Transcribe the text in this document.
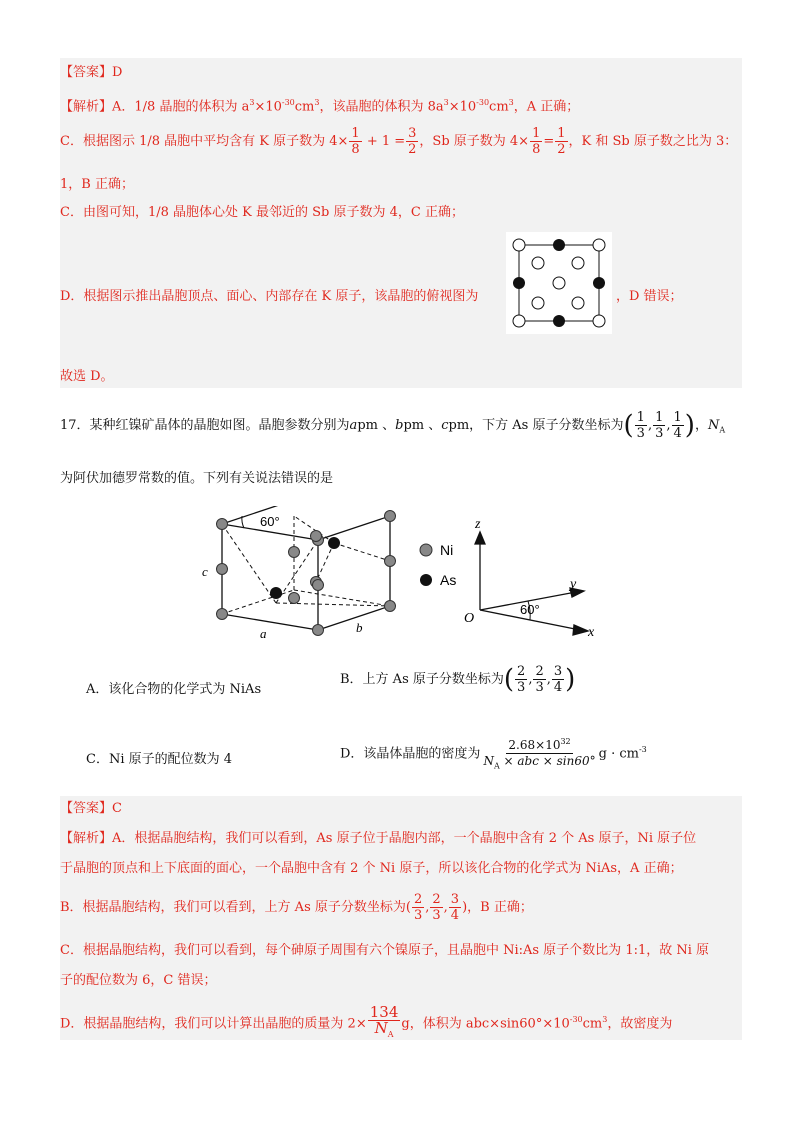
【答案】D
【解析】A．1/8 晶胞的体积为 $a^3\times 10^{-30}cm^3$，该晶胞的体积为 $8a^3\times 10^{-30}cm^3$，A 正确；
C．根据图示 1/8 晶胞中平均含有 K 原子数为 $4\times \frac{1}{8} + 1 = \frac{3}{2}$ ，Sb 原子数为 $4\times \frac{1}{8} = \frac{1}{2}$ ，K 和 Sb 原子数之比为 3：
1，B 正确；
C．由图可知，1/8 晶胞体心处 K 最邻近的 Sb 原子数为 4，C 正确；
D．根据图示推出晶胞顶点、面心、内部存在 K 原子，该晶胞的俯视图为	，D 错误；
故选 D。
17．某种红镍矿晶体的晶胞如图。晶胞参数分别为apm 、bpm 、cpm，下方 As 原子分数坐标为( $\frac{1}{3}$ , $\frac{1}{3}$ , $\frac{1}{4}$ )，$N_A$
为阿伏加德罗常数的值。下列有关说法错误的是
60°
c
a	b
Ni
As
60°
z
y
x
O
A．该化合物的化学式为 NiAs
B．上方 As 原子分数坐标为( $\frac{2}{3}$ , $\frac{2}{3}$ , $\frac{3}{4}$ )
C．Ni 原子的配位数为 4	D．该晶体晶胞的密度为 $\frac{2.68\times 10^{32}}{N_A \times abc \times \sin 60^\circ}$ $g \cdot cm^{-3}$
【答案】C
【解析】A．根据晶胞结构，我们可以看到，As 原子位于晶胞内部，一个晶胞中含有 2 个 As 原子，Ni 原子位
于晶胞的顶点和上下底面的面心，一个晶胞中含有 2 个 Ni 原子，所以该化合物的化学式为 NiAs，A 正确；
B．根据晶胞结构，我们可以看到，上方 As 原子分数坐标为( $\frac{2}{3}$ , $\frac{2}{3}$ , $\frac{3}{4}$ )，B 正确；
C．根据晶胞结构，我们可以看到，每个砷原子周围有六个镍原子，且晶胞中 Ni:As 原子个数比为 1:1，故 Ni 原
子的配位数为 6，C 错误；
D．根据晶胞结构，我们可以计算出晶胞的质量为 $2\times \frac{134}{N_A}$ g，体积为 $abc\times\sin 60^\circ\times 10^{-30}cm^3$，故密度为
